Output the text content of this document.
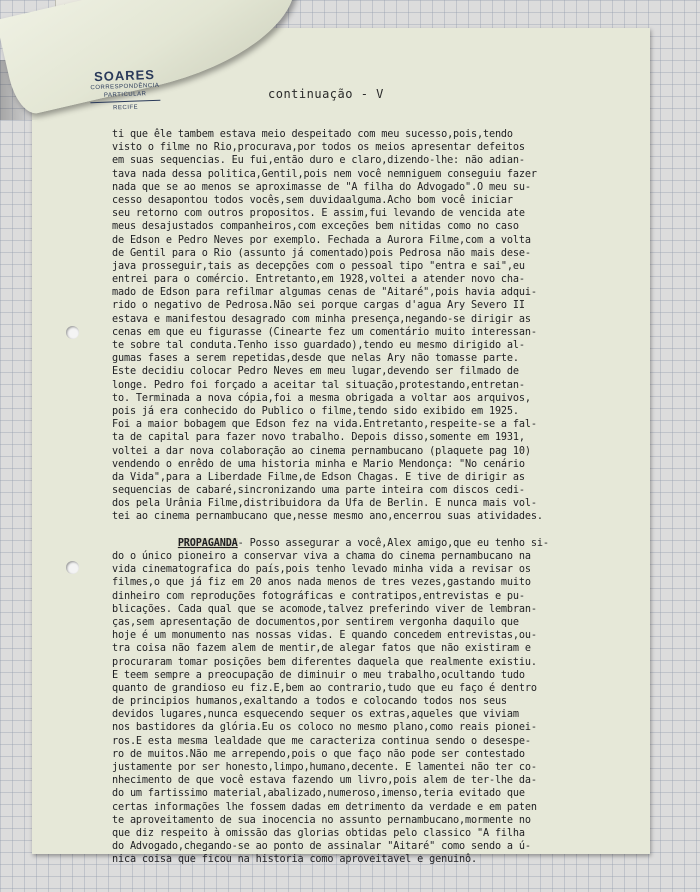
SOARES
CORRESPONDÊNCIA
PARTICULAR
RECIFE
continuação - V
ti que êle tambem estava meio despeitado com meu sucesso,pois,tendo
visto o filme no Rio,procurava,por todos os meios apresentar defeitos
em suas sequencias. Eu fui,então duro e claro,dizendo-lhe: não adian-
tava nada dessa politica,Gentil,pois nem você nemniguem conseguiu fazer
nada que se ao menos se aproximasse de "A filha do Advogado".O meu su-
cesso desapontou todos vocês,sem duvidaalguma.Acho bom você iniciar
seu retorno com outros propositos. E assim,fui levando de vencida ate
meus desajustados companheiros,com exceções bem nitidas como no caso
de Edson e Pedro Neves por exemplo. Fechada a Aurora Filme,com a volta
de Gentil para o Rio (assunto já comentado)pois Pedrosa não mais dese-
java prosseguir,tais as decepções com o pessoal tipo "entra e sai",eu
entrei para o comércio. Entretanto,em 1928,voltei a atender novo cha-
mado de Edson para refilmar algumas cenas de "Aitaré",pois havia adqui-
rido o negativo de Pedrosa.Não sei porque cargas d'agua Ary Severo II
estava e manifestou desagrado com minha presença,negando-se dirigir as
cenas em que eu figurasse (Cinearte fez um comentário muito interessan-
te sobre tal conduta.Tenho isso guardado),tendo eu mesmo dirigido al-
gumas fases a serem repetidas,desde que nelas Ary não tomasse parte.
Este decidiu colocar Pedro Neves em meu lugar,devendo ser filmado de
longe. Pedro foi forçado a aceitar tal situação,protestando,entretan-
to. Terminada a nova cópia,foi a mesma obrigada a voltar aos arquivos,
pois já era conhecido do Publico o filme,tendo sido exibido em 1925.
Foi a maior bobagem que Edson fez na vida.Entretanto,respeite-se a fal-
ta de capital para fazer novo trabalho. Depois disso,somente em 1931,
voltei a dar nova colaboração ao cinema pernambucano (plaquete pag 10)
vendendo o enrêdo de uma historia minha e Mario Mendonça: "No cenário
da Vida",para a Liberdade Filme,de Edson Chagas. E tive de dirigir as
sequencias de cabaré,sincronizando uma parte inteira com discos cedi-
dos pela Urânia Filme,distribuidora da Ufa de Berlin. E nunca mais vol-
tei ao cinema pernambucano que,nesse mesmo ano,encerrou suas atividades.
PROPAGANDA- Posso assegurar a você,Alex amigo,que eu tenho si-
do o único pioneiro a conservar viva a chama do cinema pernambucano na
vida cinematografica do país,pois tenho levado minha vida a revisar os
filmes,o que já fiz em 20 anos nada menos de tres vezes,gastando muito
dinheiro com reproduções fotográficas e contratipos,entrevistas e pu-
blicações. Cada qual que se acomode,talvez preferindo viver de lembran-
ças,sem apresentação de documentos,por sentirem vergonha daquilo que
hoje é um monumento nas nossas vidas. E quando concedem entrevistas,ou-
tra coisa não fazem alem de mentir,de alegar fatos que não existiram e
procuraram tomar posições bem diferentes daquela que realmente existiu.
E teem sempre a preocupação de diminuir o meu trabalho,ocultando tudo
quanto de grandioso eu fiz.E,bem ao contrario,tudo que eu faço é dentro
de principios humanos,exaltando a todos e colocando todos nos seus
devidos lugares,nunca esquecendo sequer os extras,aqueles que viviam
nos bastidores da glória.Eu os coloco no mesmo plano,como reais pionei-
ros.E esta mesma lealdade que me caracteriza continua sendo o desespe-
ro de muitos.Não me arrependo,pois o que faço não pode ser contestado
justamente por ser honesto,limpo,humano,decente. E lamentei não ter co-
nhecimento de que você estava fazendo um livro,pois alem de ter-lhe da-
do um fartissimo material,abalizado,numeroso,imenso,teria evitado que
certas informações lhe fossem dadas em detrimento da verdade e em paten
te aproveitamento de sua inocencia no assunto pernambucano,mormente no
que diz respeito à omissão das glorias obtidas pelo classico "A filha
do Advogado,chegando-se ao ponto de assinalar "Aitaré" como sendo a ú-
nica coisa que ficou na historia como aproveitavel e genuinô.
